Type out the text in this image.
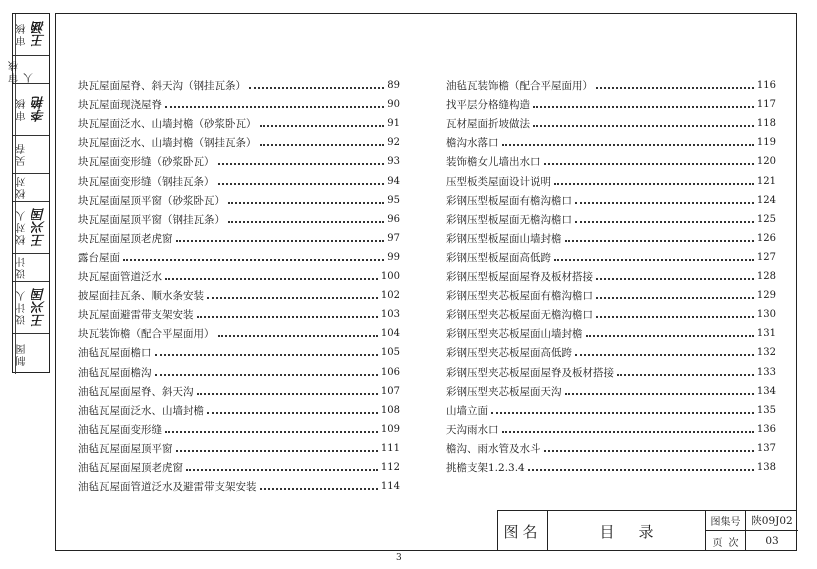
审核 王涵
审核人
审核 李艳
吴春
校对
校对人 王兴国
设计
设计人 王兴国
制图
块瓦屋面屋脊、斜天沟（钢挂瓦条）	89
块瓦屋面现浇屋脊	90
块瓦屋面泛水、山墙封檐（砂浆卧瓦）	91
块瓦屋面泛水、山墙封檐（钢挂瓦条）	92
块瓦屋面变形缝（砂浆卧瓦）	93
块瓦屋面变形缝（钢挂瓦条）	94
块瓦屋面屋顶平窗（砂浆卧瓦）	95
块瓦屋面屋顶平窗（钢挂瓦条）	96
块瓦屋面屋顶老虎窗	97
露台屋面	99
块瓦屋面管道泛水	100
披屋面挂瓦条、顺水条安装	102
块瓦屋面避雷带支架安装	103
块瓦装饰檐（配合平屋面用）	104
油毡瓦屋面檐口	105
油毡瓦屋面檐沟	106
油毡瓦屋面屋脊、斜天沟	107
油毡瓦屋面泛水、山墙封檐	108
油毡瓦屋面变形缝	109
油毡瓦屋面屋顶平窗	111
油毡瓦屋面屋顶老虎窗	112
油毡瓦屋面管道泛水及避雷带支架安装	114
油毡瓦装饰檐（配合平屋面用）	116
找平层分格缝构造	117
瓦材屋面折坡做法	118
檐沟水落口	119
装饰檐女儿墙出水口	120
压型板类屋面设计说明	121
彩钢压型板屋面有檐沟檐口	124
彩钢压型板屋面无檐沟檐口	125
彩钢压型板屋面山墙封檐	126
彩钢压型板屋面高低跨	127
彩钢压型板屋面屋脊及板材搭接	128
彩钢压型夹芯板屋面有檐沟檐口	129
彩钢压型夹芯板屋面无檐沟檐口	130
彩钢压型夹芯板屋面山墙封檐	131
彩钢压型夹芯板屋面高低跨	132
彩钢压型夹芯板屋面屋脊及板材搭接	133
彩钢压型夹芯板屋面天沟	134
山墙立面	135
天沟雨水口	136
檐沟、雨水管及水斗	137
挑檐支架1.2.3.4	138
图名	目录	图集号	陕09J02
页次	03
3
